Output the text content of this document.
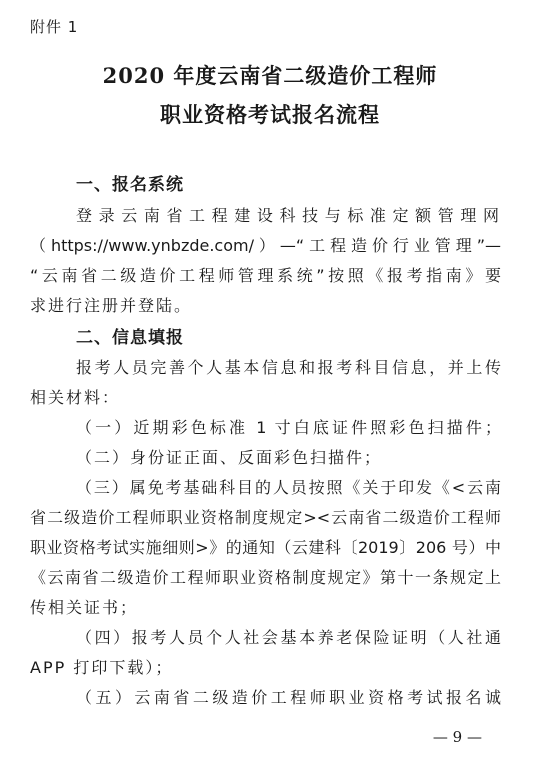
附件 1
2020 年度云南省二级造价工程师
职业资格考试报名流程
一、报名系统
登录云南省工程建设科技与标准定额管理网
（https://www.ynbzde.com/）—“工程造价行业管理”—
“云南省二级造价工程师管理系统”按照《报考指南》要
求进行注册并登陆。
二、信息填报
报考人员完善个人基本信息和报考科目信息，并上传
相关材料：
（一）近期彩色标准 1 寸白底证件照彩色扫描件；
（二）身份证正面、反面彩色扫描件；
（三）属免考基础科目的人员按照《关于印发《<云南
省二级造价工程师职业资格制度规定><云南省二级造价工程师
职业资格考试实施细则>》的通知（云建科〔2019〕206 号）中
《云南省二级造价工程师职业资格制度规定》第十一条规定上
传相关证书；
（四）报考人员个人社会基本养老保险证明（人社通
APP 打印下载）；
（五）云南省二级造价工程师职业资格考试报名诚
— 9 —
